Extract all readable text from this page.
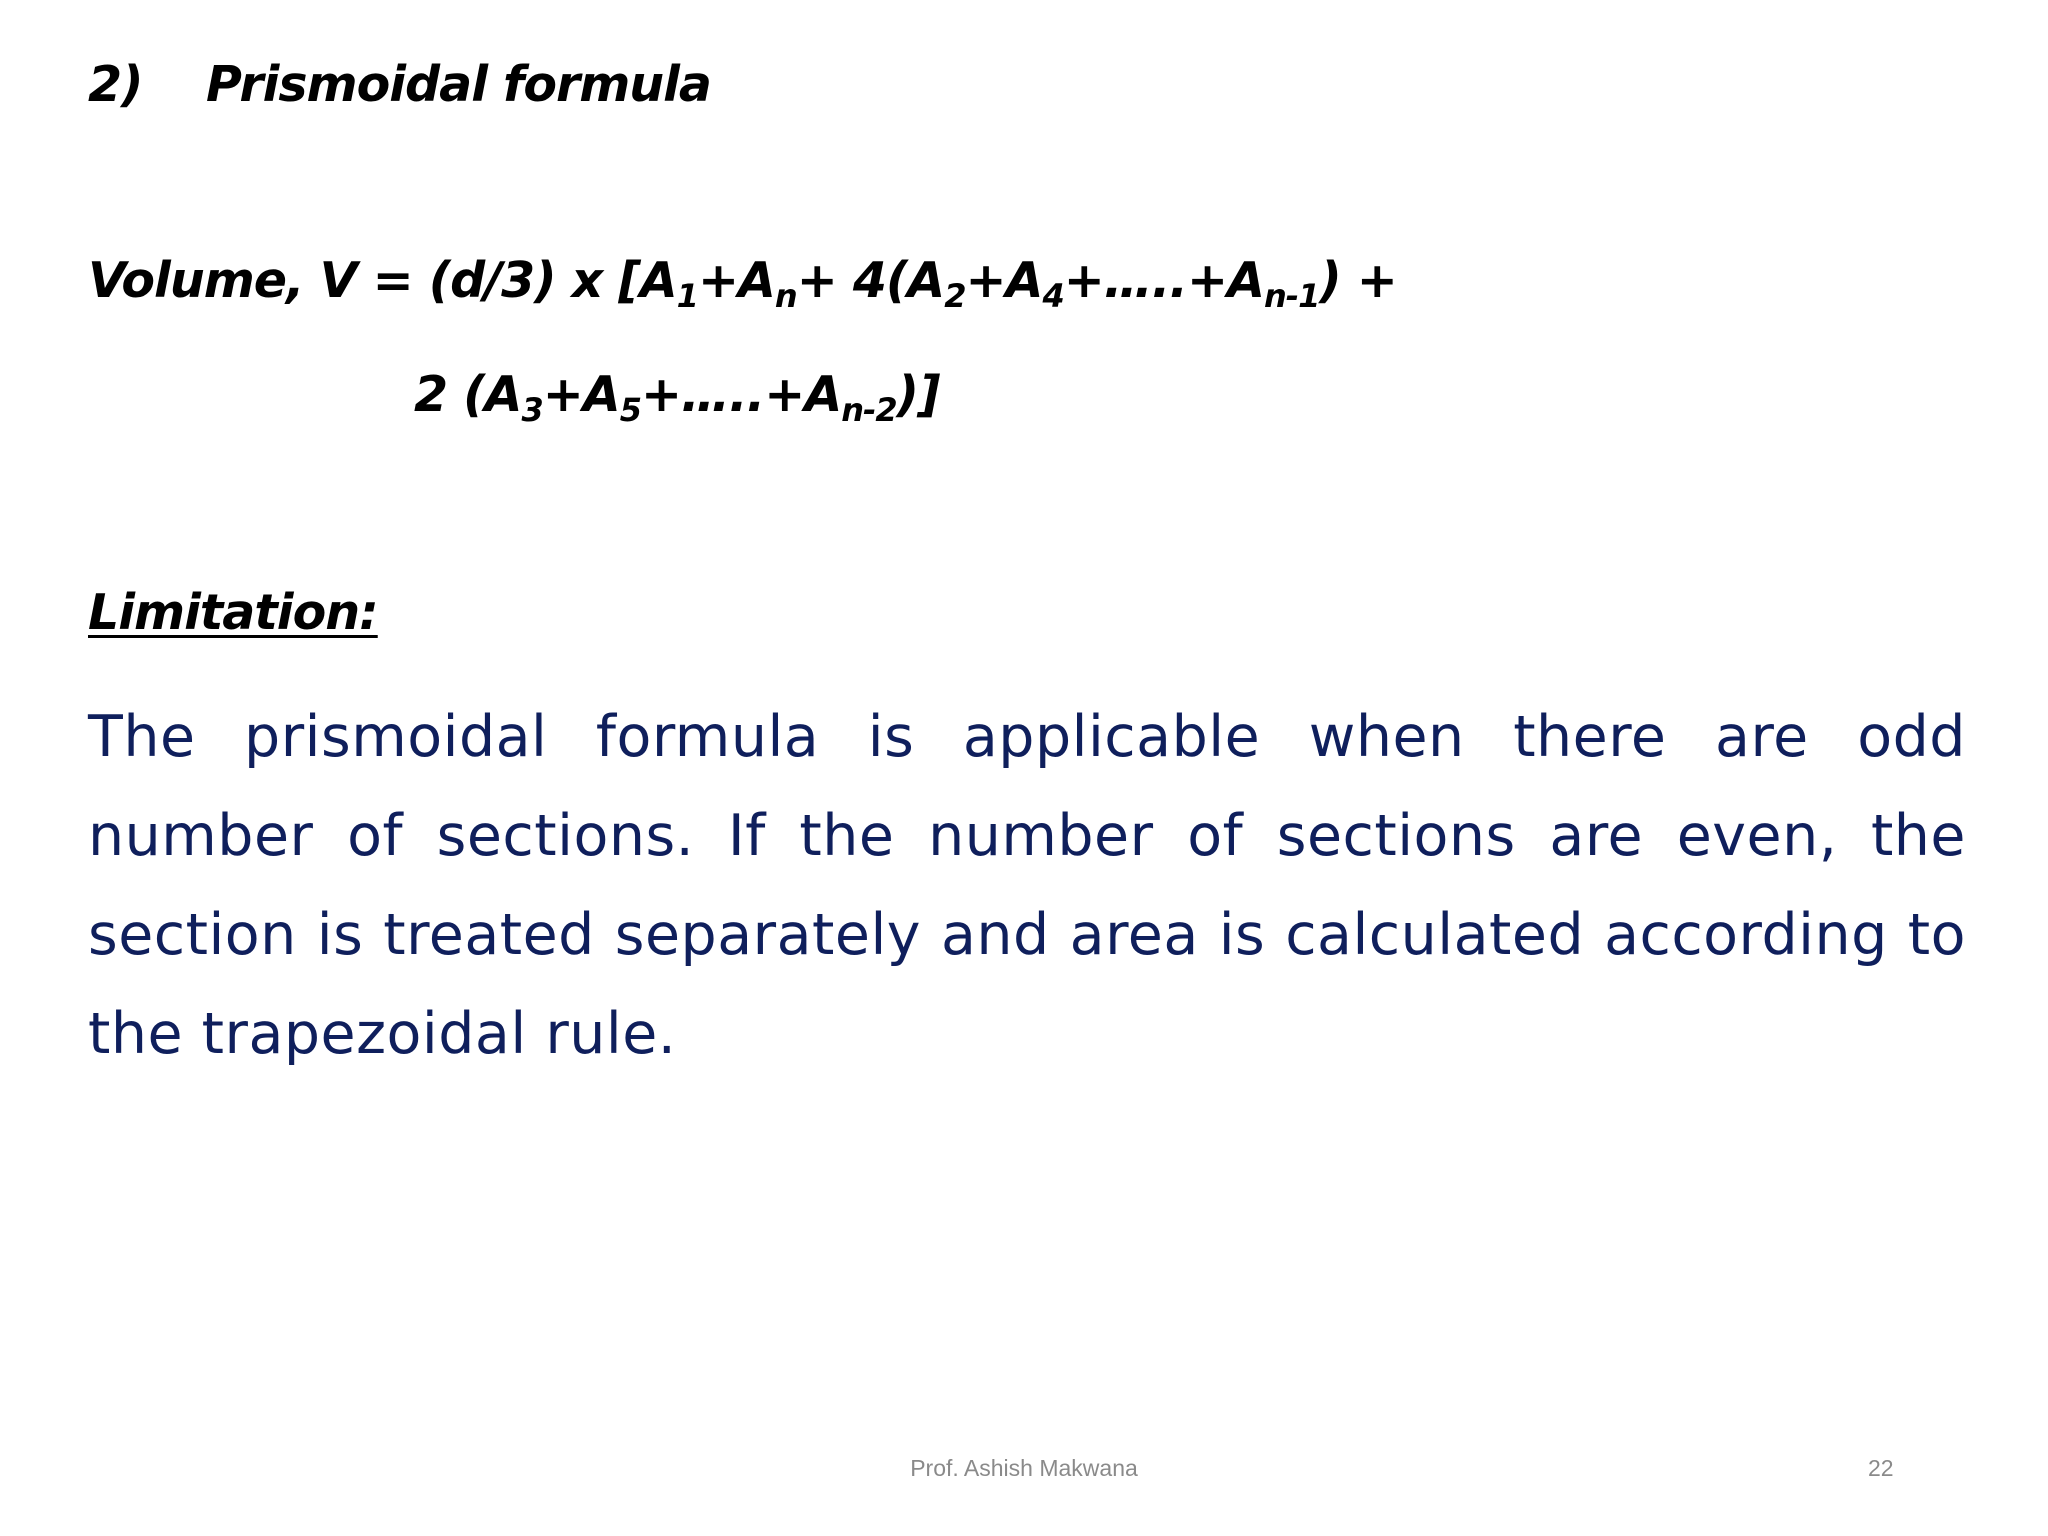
2) Prismoidal formula
Volume, V = (d/3) x [$A_1+A_n+$ $4(A_2+A_4+\dots..+A_{n-1})$ +
2 $(A_3+A_5+\dots..+A_{n-2})$]
Limitation:
The prismoidal formula is applicable when there are odd number of sections. If the number of sections are even, the section is treated separately and area is calculated according to the trapezoidal rule.
Prof. Ashish Makwana	22
